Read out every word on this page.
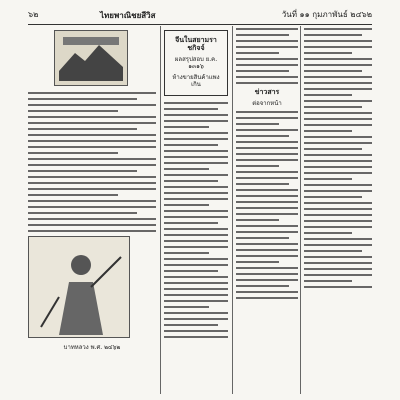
๖๒	ไทยพาณิชยสีวิส	วันที่ ๑๑ กุมภาพันธ์ ๒๔๖๒
บาทหลวง พ.ศ. ๒๔๖๒
จีนในสยามราชกิจจ์
ผลสรุปสอบ ย.ค. ๑๓๑๖
ห้างขายสินค้าแพงเกิน
ข่าวสาร
ต่อจากหน้า
